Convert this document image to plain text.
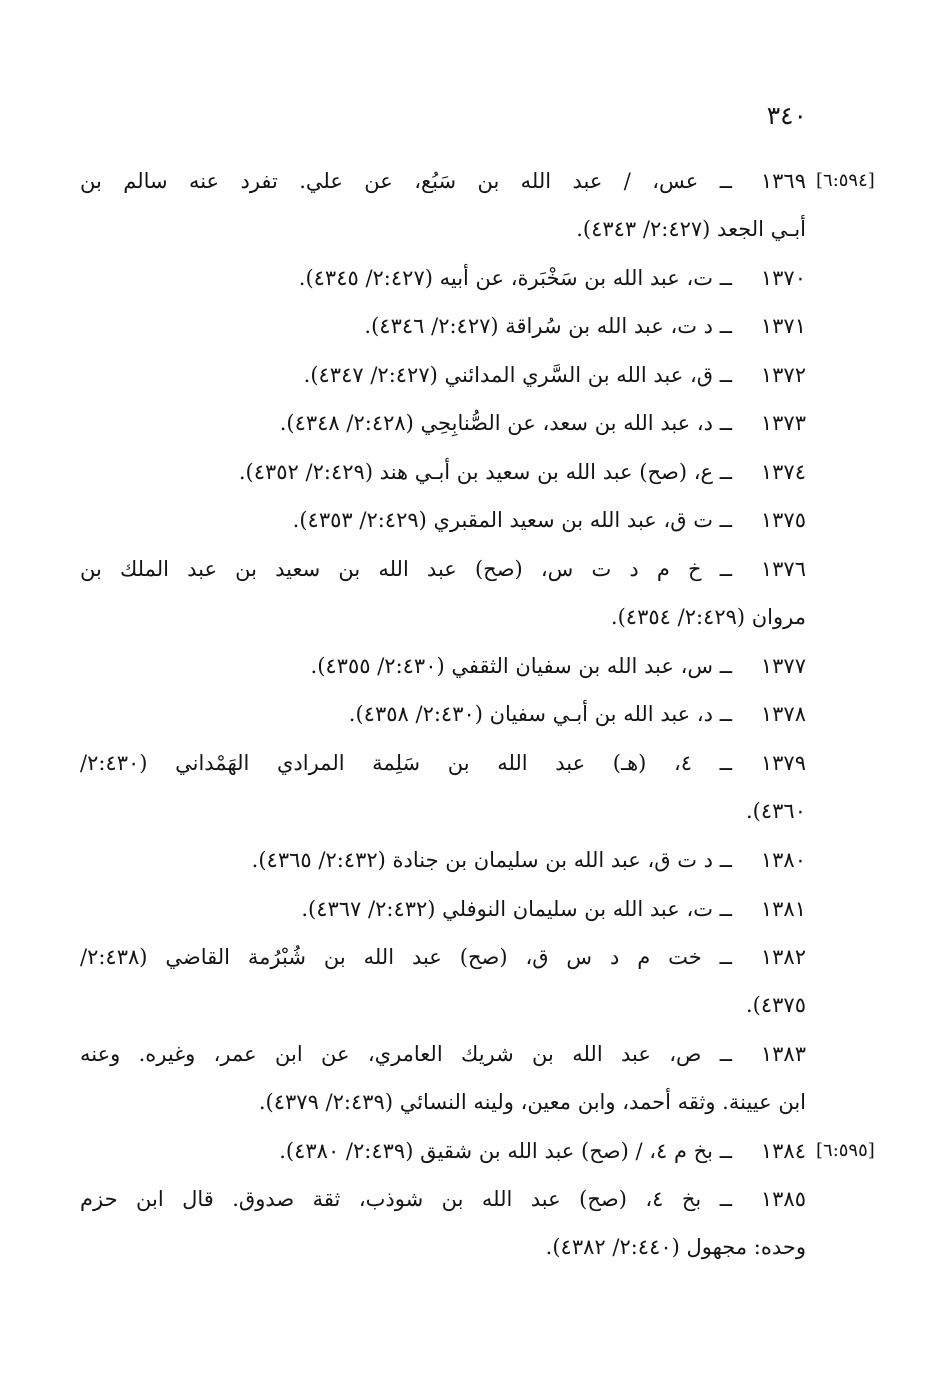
٣٤٠
[٦:٥٩٤]
[٦:٥٩٥]
١٣٦٩ــ عس، / عبد الله بن سَبُع، عن علي. تفرد عنه سالم بن
أبـي الجعد (٢:٤٢٧/ ٤٣٤٣).
١٣٧٠ــ ت، عبد الله بن سَخْبَرة، عن أبيه (٢:٤٢٧/ ٤٣٤٥).
١٣٧١ــ د ت، عبد الله بن سُراقة (٢:٤٢٧/ ٤٣٤٦).
١٣٧٢ــ ق، عبد الله بن السَّري المدائني (٢:٤٢٧/ ٤٣٤٧).
١٣٧٣ــ د، عبد الله بن سعد، عن الصُّنابِحِي (٢:٤٢٨/ ٤٣٤٨).
١٣٧٤ــ ع، (صح) عبد الله بن سعيد بن أبـي هند (٢:٤٢٩/ ٤٣٥٢).
١٣٧٥ــ ت ق، عبد الله بن سعيد المقبري (٢:٤٢٩/ ٤٣٥٣).
١٣٧٦ــ خ م د ت س، (صح) عبد الله بن سعيد بن عبد الملك بن
مروان (٢:٤٢٩/ ٤٣٥٤).
١٣٧٧ــ س، عبد الله بن سفيان الثقفي (٢:٤٣٠/ ٤٣٥٥).
١٣٧٨ــ د، عبد الله بن أبـي سفيان (٢:٤٣٠/ ٤٣٥٨).
١٣٧٩ــ ٤، (هـ) عبد الله بن سَلِمة المرادي الهَمْداني (٢:٤٣٠/
٤٣٦٠).
١٣٨٠ــ د ت ق، عبد الله بن سليمان بن جنادة (٢:٤٣٢/ ٤٣٦٥).
١٣٨١ــ ت، عبد الله بن سليمان النوفلي (٢:٤٣٢/ ٤٣٦٧).
١٣٨٢ــ خت م د س ق، (صح) عبد الله بن شُبْرُمة القاضي (٢:٤٣٨/
٤٣٧٥).
١٣٨٣ــ ص، عبد الله بن شريك العامري، عن ابن عمر، وغيره. وعنه
ابن عيينة. وثقه أحمد، وابن معين، ولينه النسائي (٢:٤٣٩/ ٤٣٧٩).
١٣٨٤ــ بخ م ٤، / (صح) عبد الله بن شقيق (٢:٤٣٩/ ٤٣٨٠).
١٣٨٥ــ بخ ٤، (صح) عبد الله بن شوذب، ثقة صدوق. قال ابن حزم
وحده: مجهول (٢:٤٤٠/ ٤٣٨٢).
